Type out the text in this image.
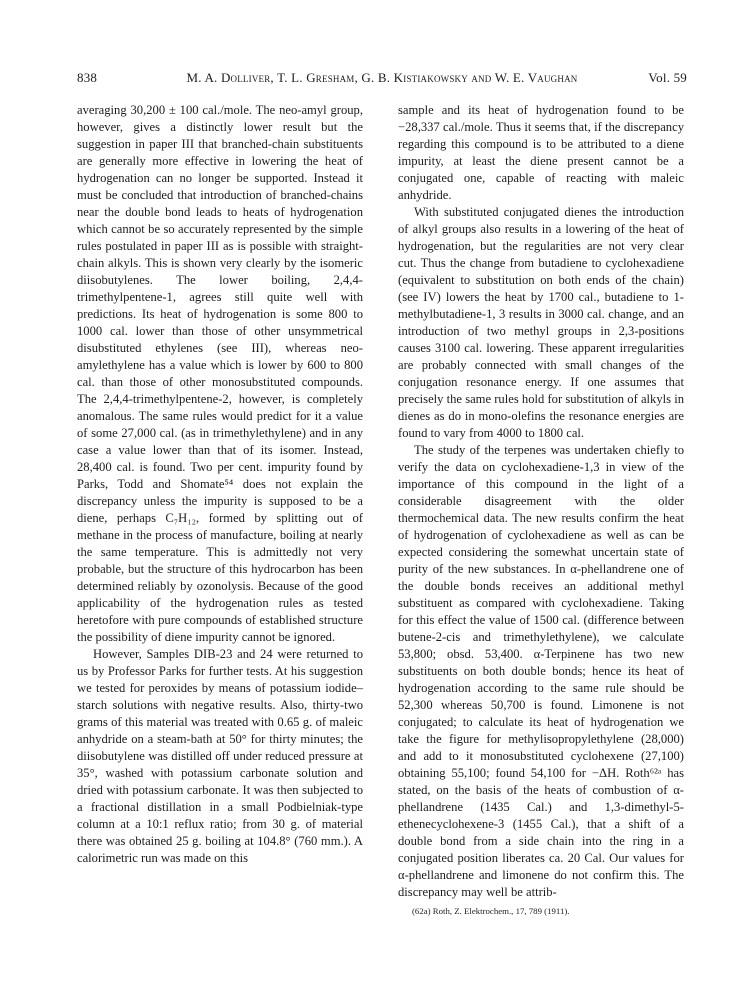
838	M. A. Dolliver, T. L. Gresham, G. B. Kistiakowsky and W. E. Vaughan	Vol. 59

averaging 30,200 ± 100 cal./mole. The neo-amyl group, however, gives a distinctly lower result but the suggestion in paper III that branched-chain substituents are generally more effective in lowering the heat of hydrogenation can no longer be supported. Instead it must be concluded that introduction of branched-chains near the double bond leads to heats of hydrogenation which cannot be so accurately represented by the simple rules postulated in paper III as is possible with straight-chain alkyls. This is shown very clearly by the isomeric diisobutylenes. The lower boiling, 2,4,4-trimethylpentene-1, agrees still quite well with predictions. Its heat of hydrogenation is some 800 to 1000 cal. lower than those of other unsymmetrical disubstituted ethylenes (see III), whereas neo-amylethylene has a value which is lower by 600 to 800 cal. than those of other monosubstituted compounds. The 2,4,4-trimethylpentene-2, however, is completely anomalous. The same rules would predict for it a value of some 27,000 cal. (as in trimethylethylene) and in any case a value lower than that of its isomer. Instead, 28,400 cal. is found. Two per cent. impurity found by Parks, Todd and Shomate⁵⁴ does not explain the discrepancy unless the impurity is supposed to be a diene, perhaps C₇H₁₂, formed by splitting out of methane in the process of manufacture, boiling at nearly the same temperature. This is admittedly not very probable, but the structure of this hydrocarbon has been determined reliably by ozonolysis. Because of the good applicability of the hydrogenation rules as tested heretofore with pure compounds of established structure the possibility of diene impurity cannot be ignored.

However, Samples DIB-23 and 24 were returned to us by Professor Parks for further tests. At his suggestion we tested for peroxides by means of potassium iodide–starch solutions with negative results. Also, thirty-two grams of this material was treated with 0.65 g. of maleic anhydride on a steam-bath at 50° for thirty minutes; the diisobutylene was distilled off under reduced pressure at 35°, washed with potassium carbonate solution and dried with potassium carbonate. It was then subjected to a fractional distillation in a small Podbielniak-type column at a 10:1 reflux ratio; from 30 g. of material there was obtained 25 g. boiling at 104.8° (760 mm.). A calorimetric run was made on this

sample and its heat of hydrogenation found to be −28,337 cal./mole. Thus it seems that, if the discrepancy regarding this compound is to be attributed to a diene impurity, at least the diene present cannot be a conjugated one, capable of reacting with maleic anhydride.

With substituted conjugated dienes the introduction of alkyl groups also results in a lowering of the heat of hydrogenation, but the regularities are not very clear cut. Thus the change from butadiene to cyclohexadiene (equivalent to substitution on both ends of the chain) (see IV) lowers the heat by 1700 cal., butadiene to 1-methylbutadiene-1, 3 results in 3000 cal. change, and an introduction of two methyl groups in 2,3-positions causes 3100 cal. lowering. These apparent irregularities are probably connected with small changes of the conjugation resonance energy. If one assumes that precisely the same rules hold for substitution of alkyls in dienes as do in mono-olefins the resonance energies are found to vary from 4000 to 1800 cal.

The study of the terpenes was undertaken chiefly to verify the data on cyclohexadiene-1,3 in view of the importance of this compound in the light of a considerable disagreement with the older thermochemical data. The new results confirm the heat of hydrogenation of cyclohexadiene as well as can be expected considering the somewhat uncertain state of purity of the new substances. In α-phellandrene one of the double bonds receives an additional methyl substituent as compared with cyclohexadiene. Taking for this effect the value of 1500 cal. (difference between butene-2-cis and trimethylethylene), we calculate 53,800; obsd. 53,400. α-Terpinene has two new substituents on both double bonds; hence its heat of hydrogenation according to the same rule should be 52,300 whereas 50,700 is found. Limonene is not conjugated; to calculate its heat of hydrogenation we take the figure for methylisopropylethylene (28,000) and add to it monosubstituted cyclohexene (27,100) obtaining 55,100; found 54,100 for −ΔH. Roth⁶²ᵃ has stated, on the basis of the heats of combustion of α-phellandrene (1435 Cal.) and 1,3-dimethyl-5-ethenecyclohexene-3 (1455 Cal.), that a shift of a double bond from a side chain into the ring in a conjugated position liberates ca. 20 Cal. Our values for α-phellandrene and limonene do not confirm this. The discrepancy may well be attrib-

(62a) Roth, Z. Elektrochem., 17, 789 (1911).
